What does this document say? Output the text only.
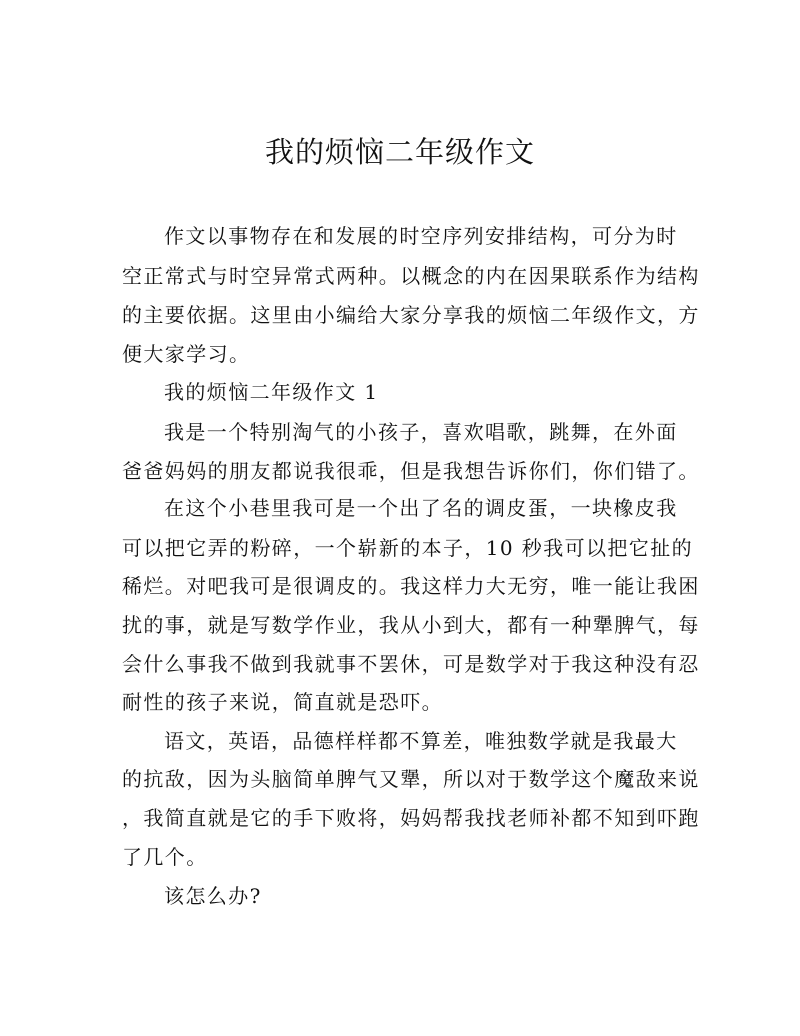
我的烦恼二年级作文

作文以事物存在和发展的时空序列安排结构，可分为时

空正常式与时空异常式两种。以概念的内在因果联系作为结构

的主要依据。这里由小编给大家分享我的烦恼二年级作文，方

便大家学习。

我的烦恼二年级作文 1

我是一个特别淘气的小孩子，喜欢唱歌，跳舞，在外面

爸爸妈妈的朋友都说我很乖，但是我想告诉你们，你们错了。

在这个小巷里我可是一个出了名的调皮蛋，一块橡皮我

可以把它弄的粉碎，一个崭新的本子，10 秒我可以把它扯的

稀烂。对吧我可是很调皮的。我这样力大无穷，唯一能让我困

扰的事，就是写数学作业，我从小到大，都有一种犟脾气，每

会什么事我不做到我就事不罢休，可是数学对于我这种没有忍

耐性的孩子来说，简直就是恐吓。

语文，英语，品德样样都不算差，唯独数学就是我最大

的抗敌，因为头脑简单脾气又犟，所以对于数学这个魔敌来说

，我简直就是它的手下败将，妈妈帮我找老师补都不知到吓跑

了几个。

该怎么办?
